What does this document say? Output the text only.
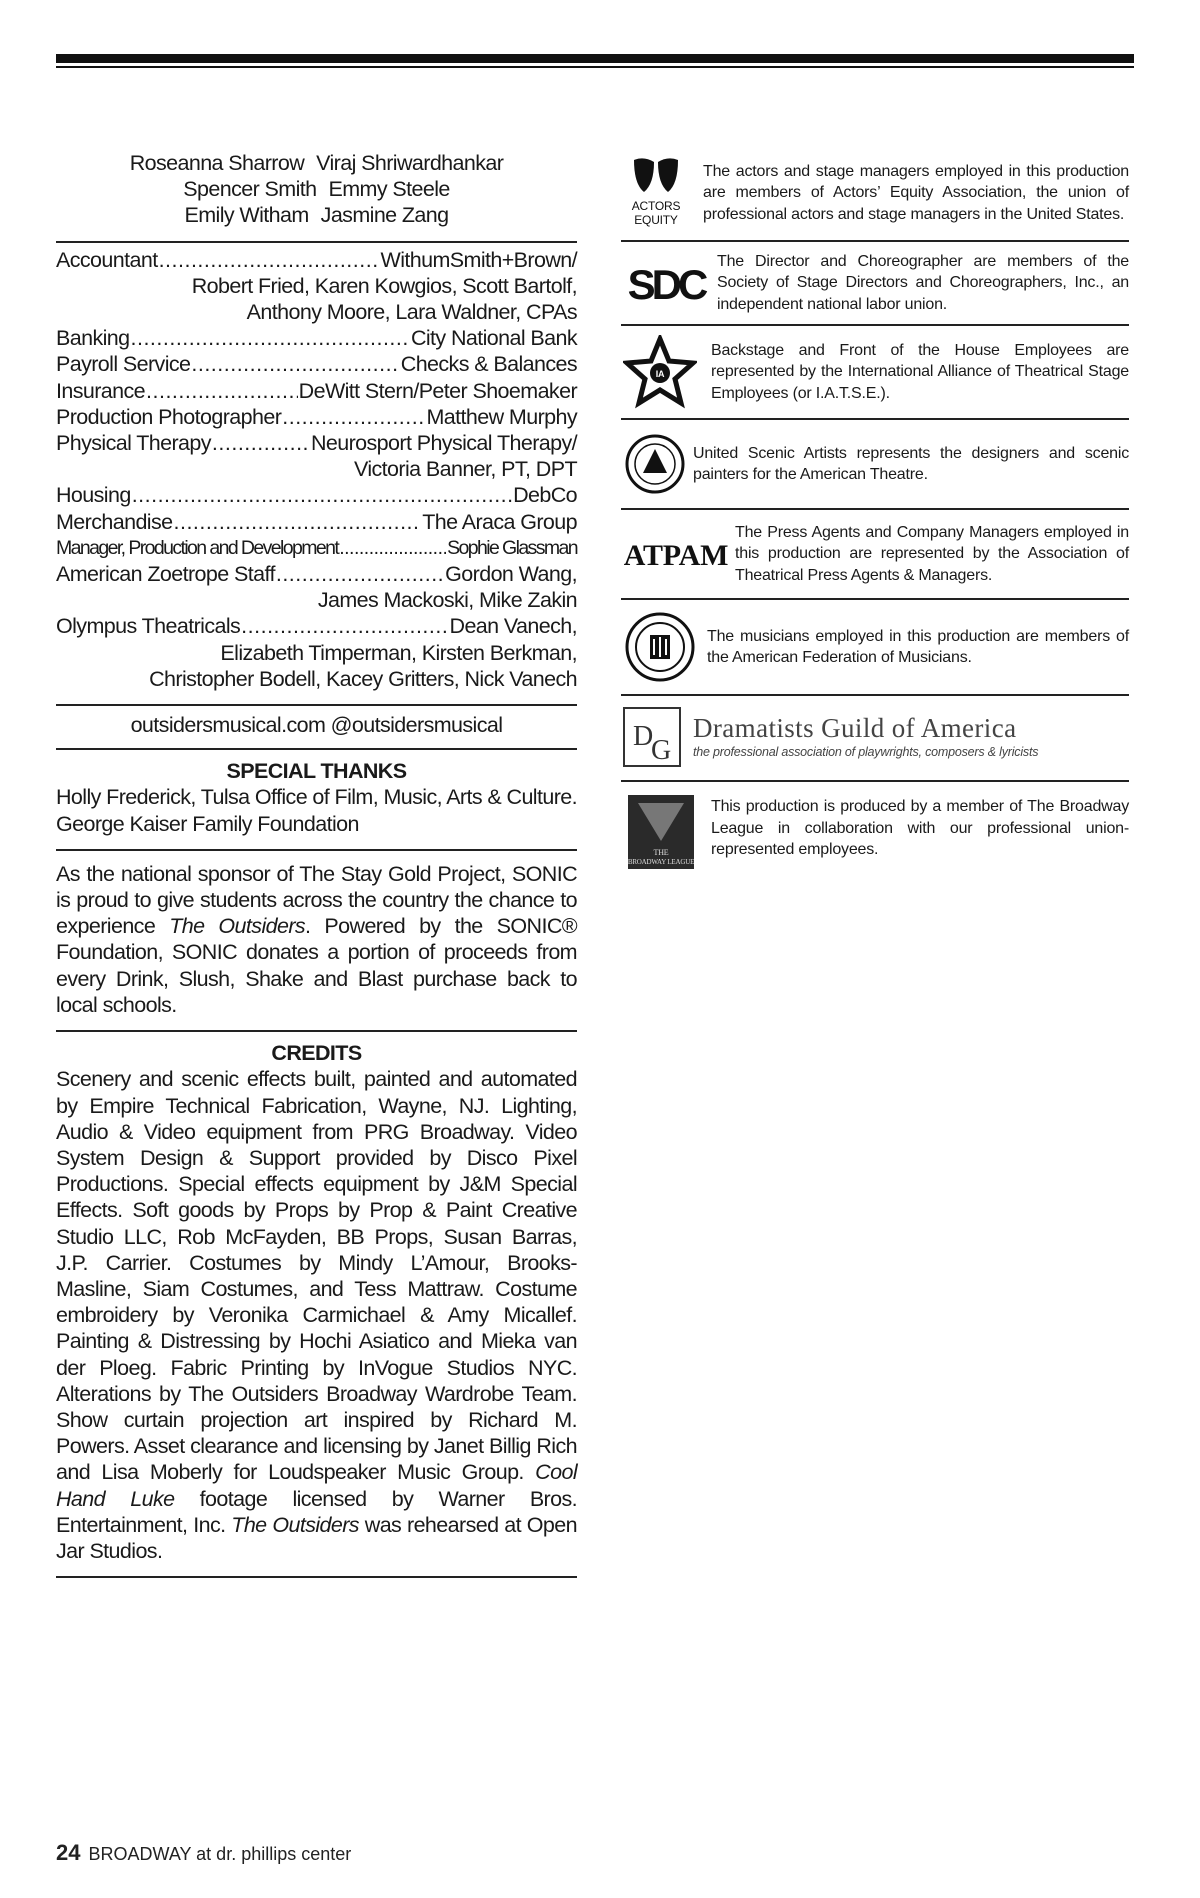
Roseanna Sharrow Viraj Shriwardhankar
Spencer Smith Emmy Steele
Emily Witham Jasmine Zang
Accountant .....	WithumSmith+Brown/
Robert Fried, Karen Kowgios, Scott Bartolf,
Anthony Moore, Lara Waldner, CPAs
Banking .....	City National Bank
Payroll Service .....	Checks & Balances
Insurance .....	DeWitt Stern/Peter Shoemaker
Production Photographer .....	Matthew Murphy
Physical Therapy .....	Neurosport Physical Therapy/
Victoria Banner, PT, DPT
Housing .....	DebCo
Merchandise .....	The Araca Group
Manager, Production and Development .....	Sophie Glassman
American Zoetrope Staff .....	Gordon Wang,
James Mackoski, Mike Zakin
Olympus Theatricals .....	Dean Vanech,
Elizabeth Timperman, Kirsten Berkman,
Christopher Bodell, Kacey Gritters, Nick Vanech
outsidersmusical.com @outsidersmusical
SPECIAL THANKS
Holly Frederick, Tulsa Office of Film, Music, Arts & Culture. George Kaiser Family Foundation
As the national sponsor of The Stay Gold Project, SONIC is proud to give students across the country the chance to experience The Outsiders. Powered by the SONIC® Foundation, SONIC donates a portion of proceeds from every Drink, Slush, Shake and Blast purchase back to local schools.
CREDITS
Scenery and scenic effects built, painted and automated by Empire Technical Fabrication, Wayne, NJ. Lighting, Audio & Video equipment from PRG Broadway. Video System Design & Support provided by Disco Pixel Productions. Special effects equipment by J&M Special Effects. Soft goods by Props by Prop & Paint Creative Studio LLC, Rob McFayden, BB Props, Susan Barras, J.P. Carrier. Costumes by Mindy L’Amour, Brooks-Masline, Siam Costumes, and Tess Mattraw. Costume embroidery by Veronika Carmichael & Amy Micallef. Painting & Distressing by Hochi Asiatico and Mieka van der Ploeg. Fabric Printing by InVogue Studios NYC. Alterations by The Outsiders Broadway Wardrobe Team. Show curtain projection art inspired by Richard M. Powers. Asset clearance and licensing by Janet Billig Rich and Lisa Moberly for Loudspeaker Music Group. Cool Hand Luke footage licensed by Warner Bros. Entertainment, Inc. The Outsiders was rehearsed at Open Jar Studios.
ACTORS
EQUITY
The actors and stage managers employed in this production are members of Actors’ Equity Association, the union of professional actors and stage managers in the United States.
SDC The Director and Choreographer are members of the Society of Stage Directors and Choreographers, Inc., an independent national labor union.
IA
Backstage and Front of the House Employees are represented by the International Alliance of Theatrical Stage Employees (or I.A.T.S.E.).
United Scenic Artists represents the designers and scenic painters for the American Theatre.
ATPAM
The Press Agents and Company Managers employed in this production are represented by the Association of Theatrical Press Agents & Managers.
The musicians employed in this production are members of the American Federation of Musicians.
D
G
Dramatists Guild of America
the professional association of playwrights, composers & lyricists
THE
BROADWAY LEAGUE
This production is produced by a member of The Broadway League in collaboration with our professional union-represented employees.
24 BROADWAY at dr. phillips center
